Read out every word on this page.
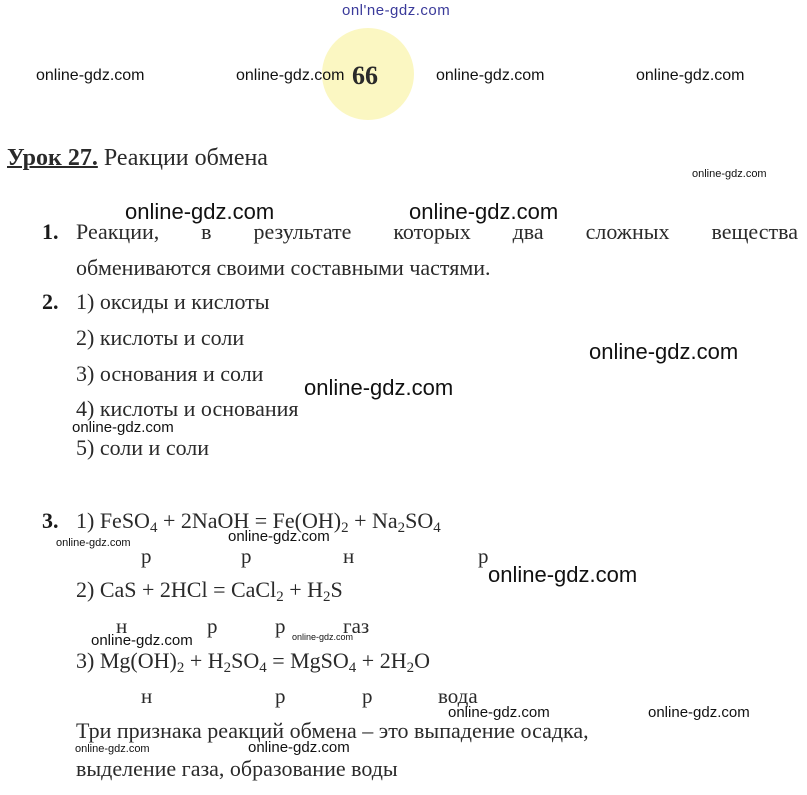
onl'ne-gdz.com
66
online-gdz.com	online-gdz.com	online-gdz.com	online-gdz.com
Урок 27. Реакции обмена
online-gdz.com
online-gdz.com	online-gdz.com
1. Реакции, в результате которых два сложных вещества
обмениваются своими составными частями.
2. 1) оксиды и кислоты
2) кислоты и соли
3) основания и соли
4) кислоты и основания
5) соли и соли
online-gdz.com
online-gdz.com
online-gdz.com
3. 1) FeSO$_4$ + 2NaOH = $Fe(OH)_2 + Na_2SO_4$
online-gdz.com	online-gdz.com
р	р	н	р
online-gdz.com
2) CaS + 2HCl = CaCl$_2$ + $H_2S$
н	р	р	газ
online-gdz.com	online-gdz.com
3) $Mg(OH)_2 + H_2SO_4$ = MgSO$_4$ + $2H_2O$
н	р	р	вода
online-gdz.com	online-gdz.com
Три признака реакций обмена – это выпадение осадка,
выделение газа, образование воды
online-gdz.com	online-gdz.com
